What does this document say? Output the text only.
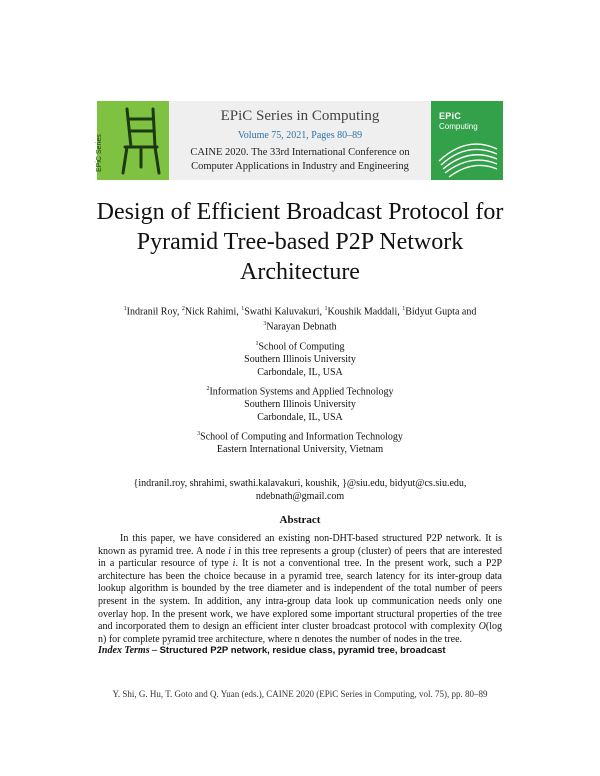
EPiC Series
EPiC Series in Computing
Volume 75, 2021, Pages 80–89
CAINE 2020. The 33rd International Conference on
Computer Applications in Industry and Engineering
EPiC
Computing
Design of Efficient Broadcast Protocol for
Pyramid Tree-based P2P Network
Architecture
$^1$Indranil Roy, $^2$Nick Rahimi, $^1$Swathi Kaluvakuri, $^1$Koushik Maddali, $^1$Bidyut Gupta and
$^3$Narayan Debnath
$^1$School of Computing
Southern Illinois University
Carbondale, IL, USA
$^2$Information Systems and Applied Technology
Southern Illinois University
Carbondale, IL, USA
$^3$School of Computing and Information Technology
Eastern International University, Vietnam
{indranil.roy, shrahimi, swathi.kalavakuri, koushik, }@siu.edu, bidyut@cs.siu.edu,
ndebnath@gmail.com
Abstract
In this paper, we have considered an existing non-DHT-based structured P2P network. It is known as pyramid tree. A node i in this tree represents a group (cluster) of peers that are interested in a particular resource of type i. It is not a conventional tree. In the present work, such a P2P architecture has been the choice because in a pyramid tree, search latency for its inter-group data lookup algorithm is bounded by the tree diameter and is independent of the total number of peers present in the system. In addition, any intra-group data look up communication needs only one overlay hop. In the present work, we have explored some important structural properties of the tree and incorporated them to design an efficient inter cluster broadcast protocol with complexity O(log n) for complete pyramid tree architecture, where n denotes the number of nodes in the tree.
Index Terms – Structured P2P network, residue class, pyramid tree, broadcast
Y. Shi, G. Hu, T. Goto and Q. Yuan (eds.), CAINE 2020 (EPiC Series in Computing, vol. 75), pp. 80–89
